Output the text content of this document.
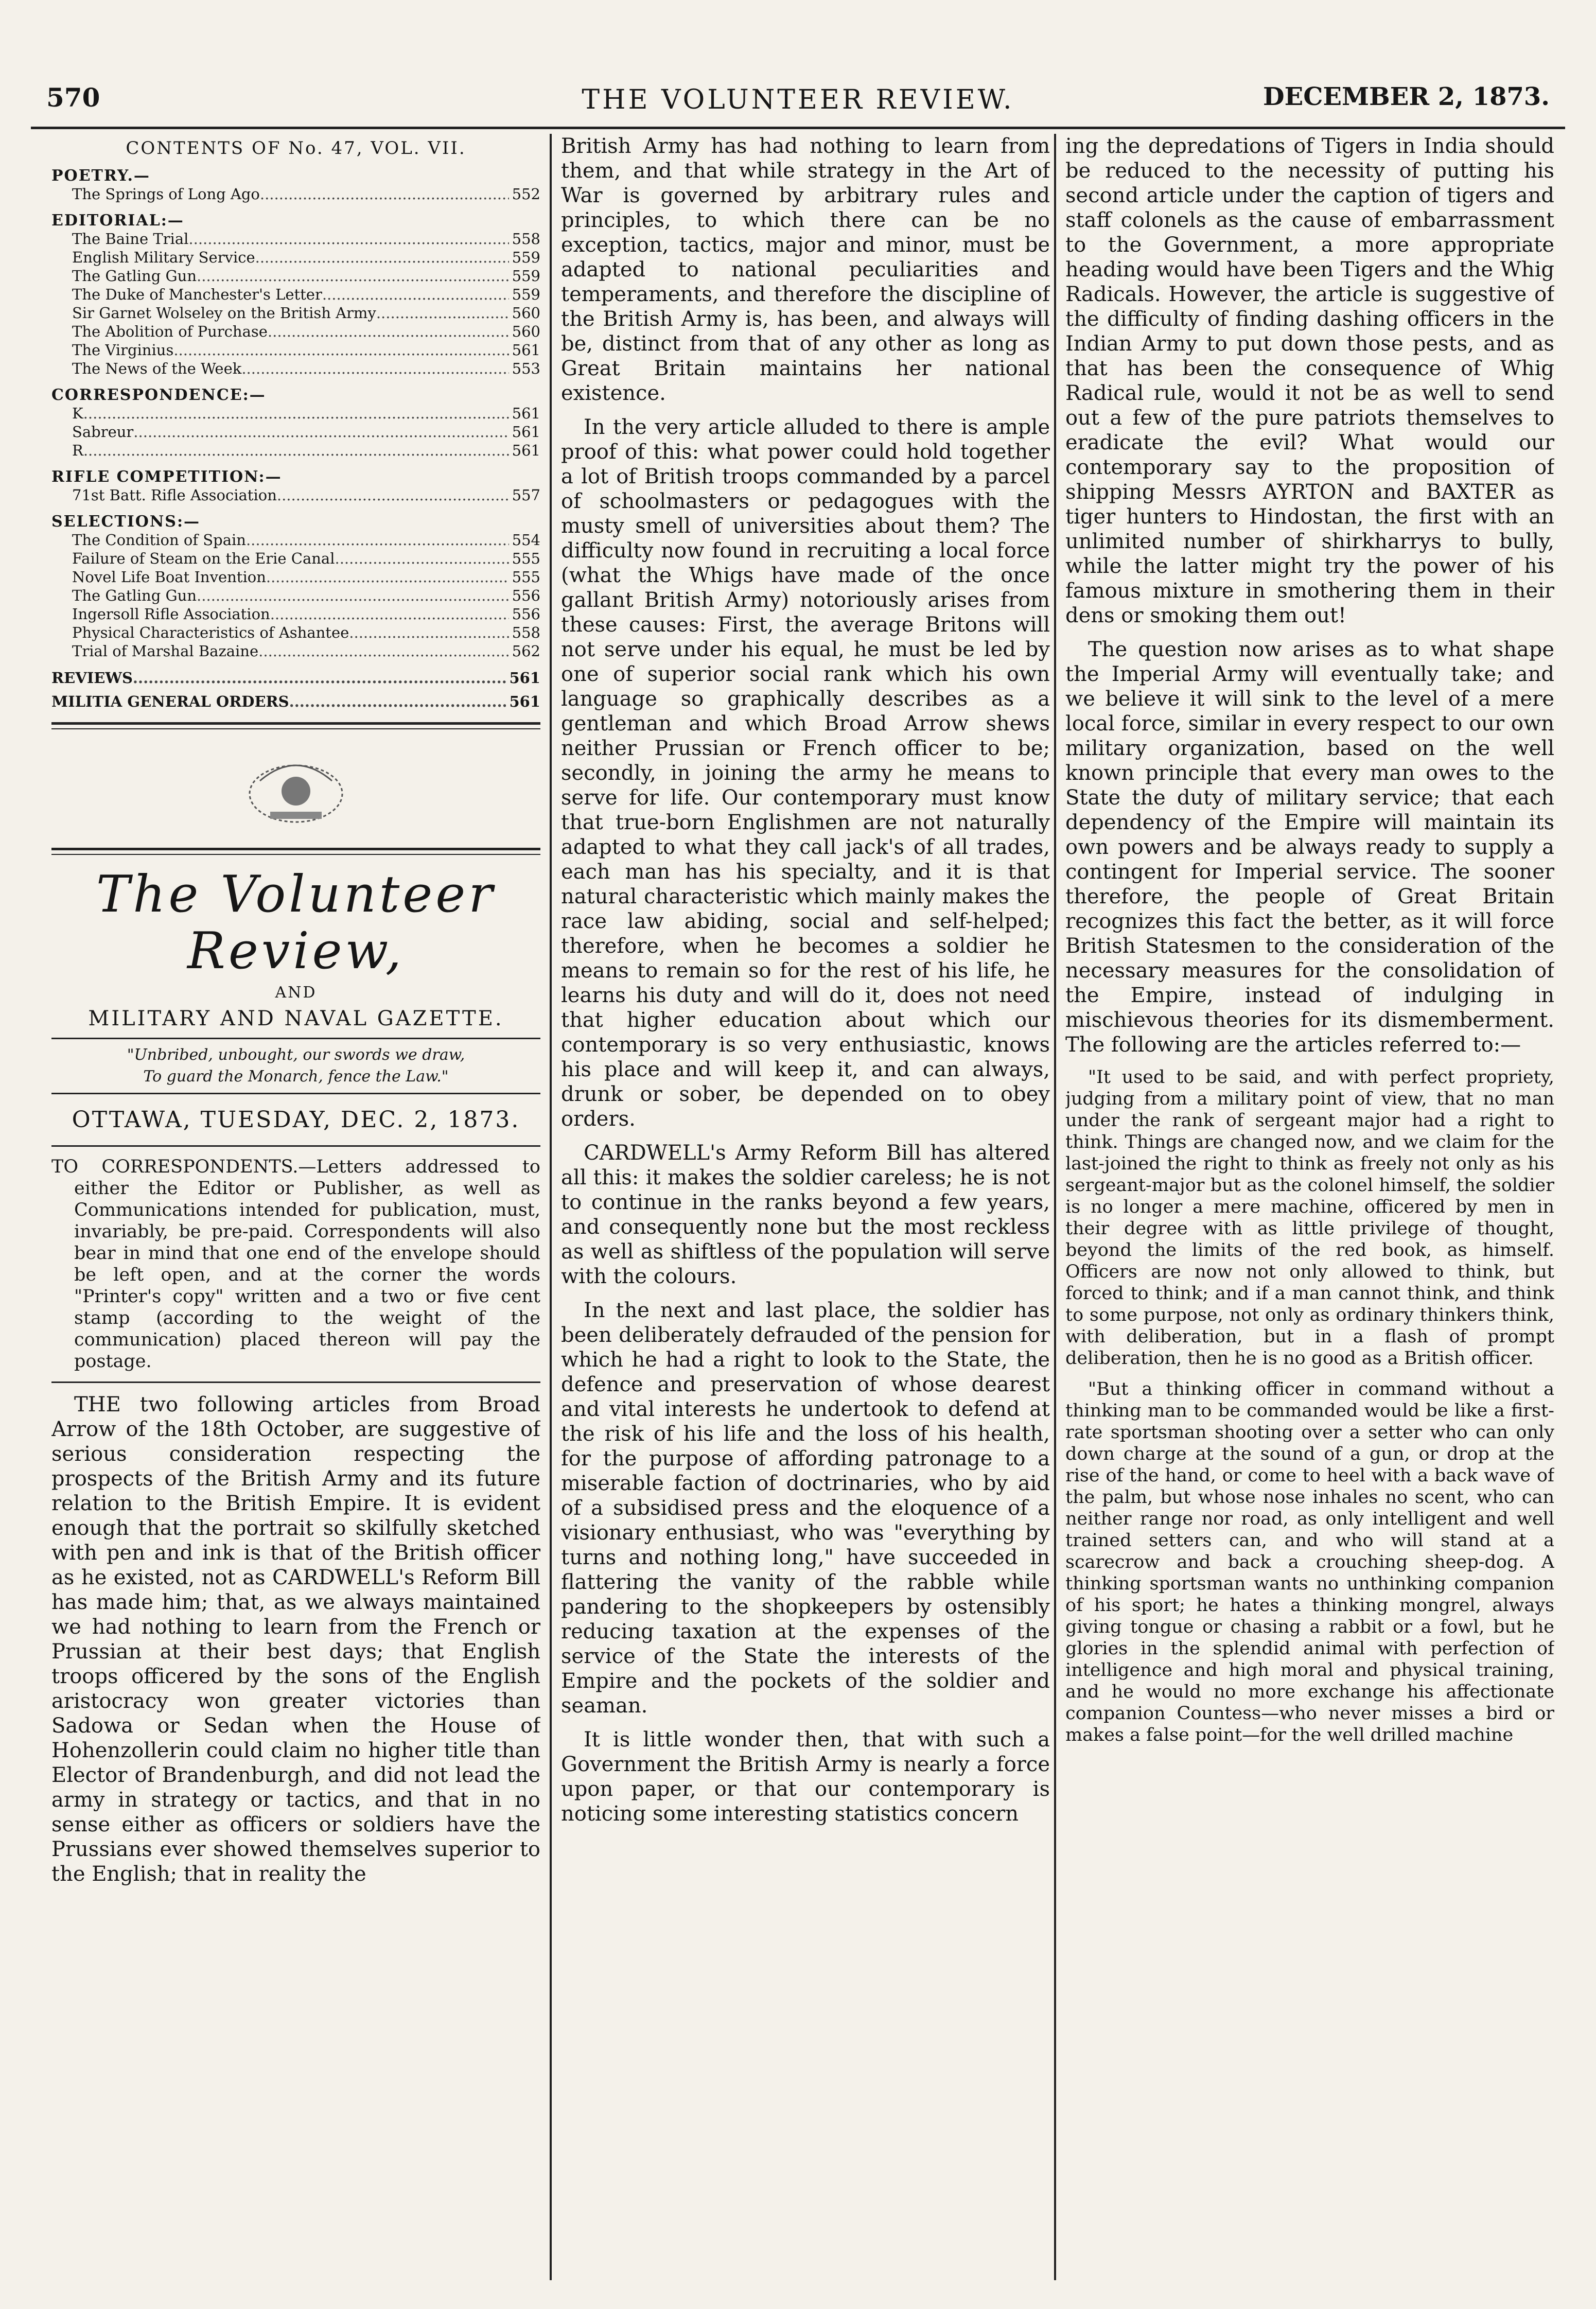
570	THE VOLUNTEER REVIEW.	DECEMBER 2, 1873.
CONTENTS OF No. 47, VOL. VII.
POETRY.—
The Springs of Long Ago .....	552
EDITORIAL:—
The Baine Trial .....	558
English Military Service .....	559
The Gatling Gun .....	559
The Duke of Manchester's Letter .....	559
Sir Garnet Wolseley on the British Army .....	560
The Abolition of Purchase .....	560
The Virginius .....	561
The News of the Week .....	553
CORRESPONDENCE:—
K .....	561
Sabreur .....	561
R .....	561
RIFLE COMPETITION:—
71st Batt. Rifle Association .....	557
SELECTIONS:—
The Condition of Spain .....	554
Failure of Steam on the Erie Canal .....	555
Novel Life Boat Invention .....	555
The Gatling Gun .....	556
Ingersoll Rifle Association .....	556
Physical Characteristics of Ashantee .....	558
Trial of Marshal Bazaine .....	562
REVIEWS .....	561
MILITIA GENERAL ORDERS .....	561
The Volunteer Review,
AND
MILITARY AND NAVAL GAZETTE.
"Unbribed, unbought, our swords we draw,
To guard the Monarch, fence the Law."
OTTAWA, TUESDAY, DEC. 2, 1873.

TO CORRESPONDENTS.—Letters addressed to either the Editor or Publisher, as well as Communications intended for publication, must, invariably, be pre-paid. Correspondents will also bear in mind that one end of the envelope should be left open, and at the corner the words "Printer's copy" written and a two or five cent stamp (according to the weight of the communication) placed thereon will pay the postage.

THE two following articles from Broad Arrow of the 18th October, are suggestive of serious consideration respecting the prospects of the British Army and its future relation to the British Empire. It is evident enough that the portrait so skilfully sketched with pen and ink is that of the British officer as he existed, not as CARDWELL's Reform Bill has made him; that, as we always maintained we had nothing to learn from the French or Prussian at their best days; that English troops officered by the sons of the English aristocracy won greater victories than Sadowa or Sedan when the House of Hohenzollerin could claim no higher title than Elector of Brandenburgh, and did not lead the army in strategy or tactics, and that in no sense either as officers or soldiers have the Prussians ever showed themselves superior to the English; that in reality the

British Army has had nothing to learn from them, and that while strategy in the Art of War is governed by arbitrary rules and principles, to which there can be no exception, tactics, major and minor, must be adapted to national peculiarities and temperaments, and therefore the discipline of the British Army is, has been, and always will be, distinct from that of any other as long as Great Britain maintains her national existence.

In the very article alluded to there is ample proof of this: what power could hold together a lot of British troops commanded by a parcel of schoolmasters or pedagogues with the musty smell of universities about them? The difficulty now found in recruiting a local force (what the Whigs have made of the once gallant British Army) notoriously arises from these causes: First, the average Britons will not serve under his equal, he must be led by one of superior social rank which his own language so graphically describes as a gentleman and which Broad Arrow shews neither Prussian or French officer to be; secondly, in joining the army he means to serve for life. Our contemporary must know that true-born Englishmen are not naturally adapted to what they call jack's of all trades, each man has his specialty, and it is that natural characteristic which mainly makes the race law abiding, social and self-helped; therefore, when he becomes a soldier he means to remain so for the rest of his life, he learns his duty and will do it, does not need that higher education about which our contemporary is so very enthusiastic, knows his place and will keep it, and can always, drunk or sober, be depended on to obey orders.

CARDWELL's Army Reform Bill has altered all this: it makes the soldier careless; he is not to continue in the ranks beyond a few years, and consequently none but the most reckless as well as shiftless of the population will serve with the colours.

In the next and last place, the soldier has been deliberately defrauded of the pension for which he had a right to look to the State, the defence and preservation of whose dearest and vital interests he undertook to defend at the risk of his life and the loss of his health, for the purpose of affording patronage to a miserable faction of doctrinaries, who by aid of a subsidised press and the eloquence of a visionary enthusiast, who was "everything by turns and nothing long," have succeeded in flattering the vanity of the rabble while pandering to the shopkeepers by ostensibly reducing taxation at the expenses of the service of the State the interests of the Empire and the pockets of the soldier and seaman.

It is little wonder then, that with such a Government the British Army is nearly a force upon paper, or that our contemporary is noticing some interesting statistics concern

ing the depredations of Tigers in India should be reduced to the necessity of putting his second article under the caption of tigers and staff colonels as the cause of embarrassment to the Government, a more appropriate heading would have been Tigers and the Whig Radicals. However, the article is suggestive of the difficulty of finding dashing officers in the Indian Army to put down those pests, and as that has been the consequence of Whig Radical rule, would it not be as well to send out a few of the pure patriots themselves to eradicate the evil? What would our contemporary say to the proposition of shipping Messrs AYRTON and BAXTER as tiger hunters to Hindostan, the first with an unlimited number of shirkharrys to bully, while the latter might try the power of his famous mixture in smothering them in their dens or smoking them out!

The question now arises as to what shape the Imperial Army will eventually take; and we believe it will sink to the level of a mere local force, similar in every respect to our own military organization, based on the well known principle that every man owes to the State the duty of military service; that each dependency of the Empire will maintain its own powers and be always ready to supply a contingent for Imperial service. The sooner therefore, the people of Great Britain recognizes this fact the better, as it will force British Statesmen to the consideration of the necessary measures for the consolidation of the Empire, instead of indulging in mischievous theories for its dismemberment. The following are the articles referred to:—

"It used to be said, and with perfect propriety, judging from a military point of view, that no man under the rank of sergeant major had a right to think. Things are changed now, and we claim for the last-joined the right to think as freely not only as his sergeant-major but as the colonel himself, the soldier is no longer a mere machine, officered by men in their degree with as little privilege of thought, beyond the limits of the red book, as himself. Officers are now not only allowed to think, but forced to think; and if a man cannot think, and think to some purpose, not only as ordinary thinkers think, with deliberation, but in a flash of prompt deliberation, then he is no good as a British officer.

"But a thinking officer in command without a thinking man to be commanded would be like a first-rate sportsman shooting over a setter who can only down charge at the sound of a gun, or drop at the rise of the hand, or come to heel with a back wave of the palm, but whose nose inhales no scent, who can neither range nor road, as only intelligent and well trained setters can, and who will stand at a scarecrow and back a crouching sheep-dog. A thinking sportsman wants no unthinking companion of his sport; he hates a thinking mongrel, always giving tongue or chasing a rabbit or a fowl, but he glories in the splendid animal with perfection of intelligence and high moral and physical training, and he would no more exchange his affectionate companion Countess—who never misses a bird or makes a false point—for the well drilled machine
